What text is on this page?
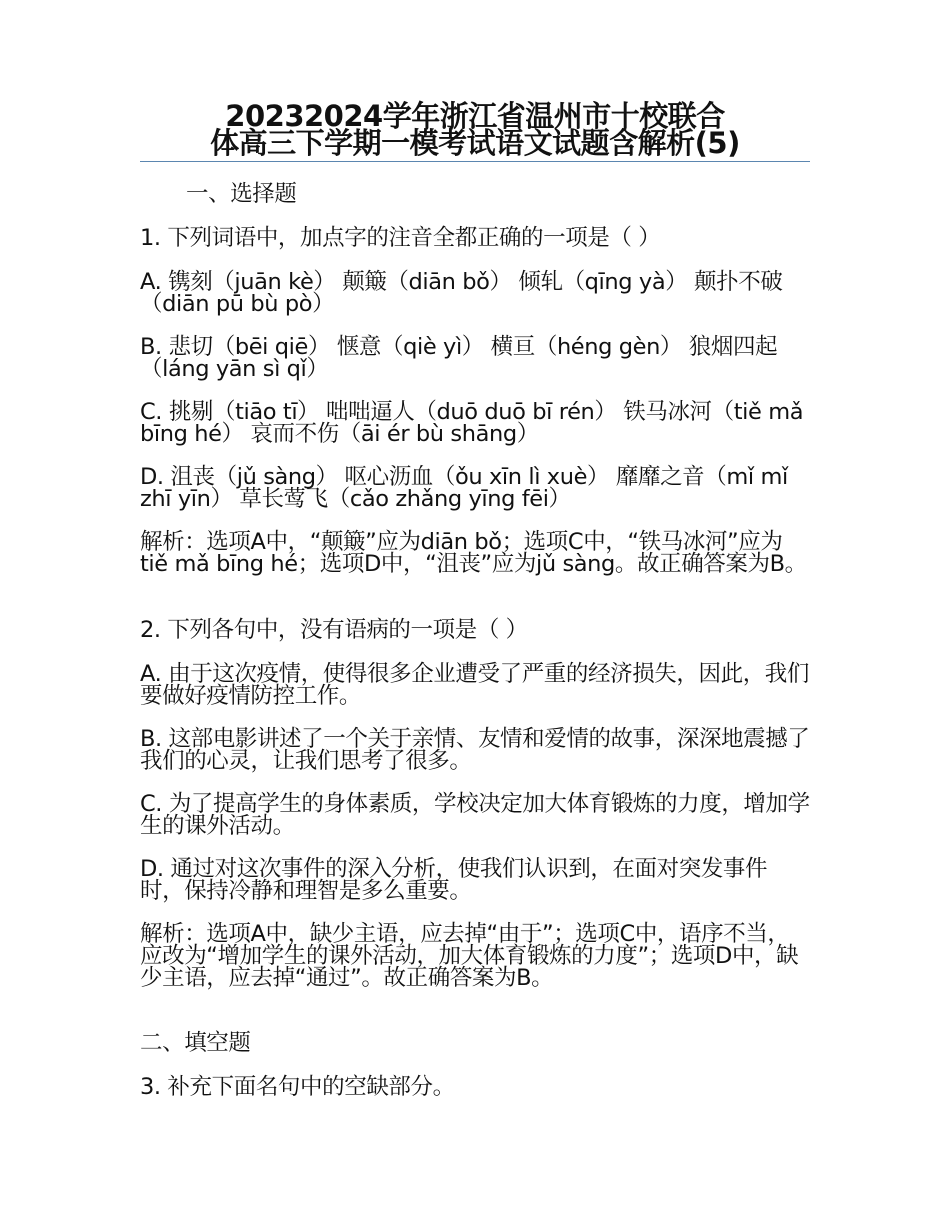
20232024学年浙江省温州市十校联合
体高三下学期一模考试语文试题含解析(5)
一、选择题
1. 下列词语中，加点字的注音全都正确的一项是（ ）
A. 镌刻（juān kè） 颠簸（diān bǒ） 倾轧（qīng yà） 颠扑不破（diān pū bù pò）
B. 悲切（bēi qiē） 惬意（qiè yì） 横亘（héng gèn） 狼烟四起（láng yān sì qǐ）
C. 挑剔（tiāo tī） 咄咄逼人（duō duō bī rén） 铁马冰河（tiě mǎ bīng hé） 哀而不伤（āi ér bù shāng）
D. 沮丧（jǔ sàng） 呕心沥血（ǒu xīn lì xuè） 靡靡之音（mǐ mǐ zhī yīn） 草长莺飞（cǎo zhǎng yīng fēi）
解析：选项A中，“颠簸”应为diān bǒ；选项C中，“铁马冰河”应为tiě mǎ bīng hé；选项D中，“沮丧”应为jǔ sàng。故正确答案为B。
2. 下列各句中，没有语病的一项是（ ）
A. 由于这次疫情，使得很多企业遭受了严重的经济损失，因此，我们要做好疫情防控工作。
B. 这部电影讲述了一个关于亲情、友情和爱情的故事，深深地震撼了我们的心灵，让我们思考了很多。
C. 为了提高学生的身体素质，学校决定加大体育锻炼的力度，增加学生的课外活动。
D. 通过对这次事件的深入分析，使我们认识到，在面对突发事件时，保持冷静和理智是多么重要。
解析：选项A中，缺少主语，应去掉“由于”；选项C中，语序不当，应改为“增加学生的课外活动，加大体育锻炼的力度”；选项D中，缺少主语，应去掉“通过”。故正确答案为B。
二、填空题
3. 补充下面名句中的空缺部分。
